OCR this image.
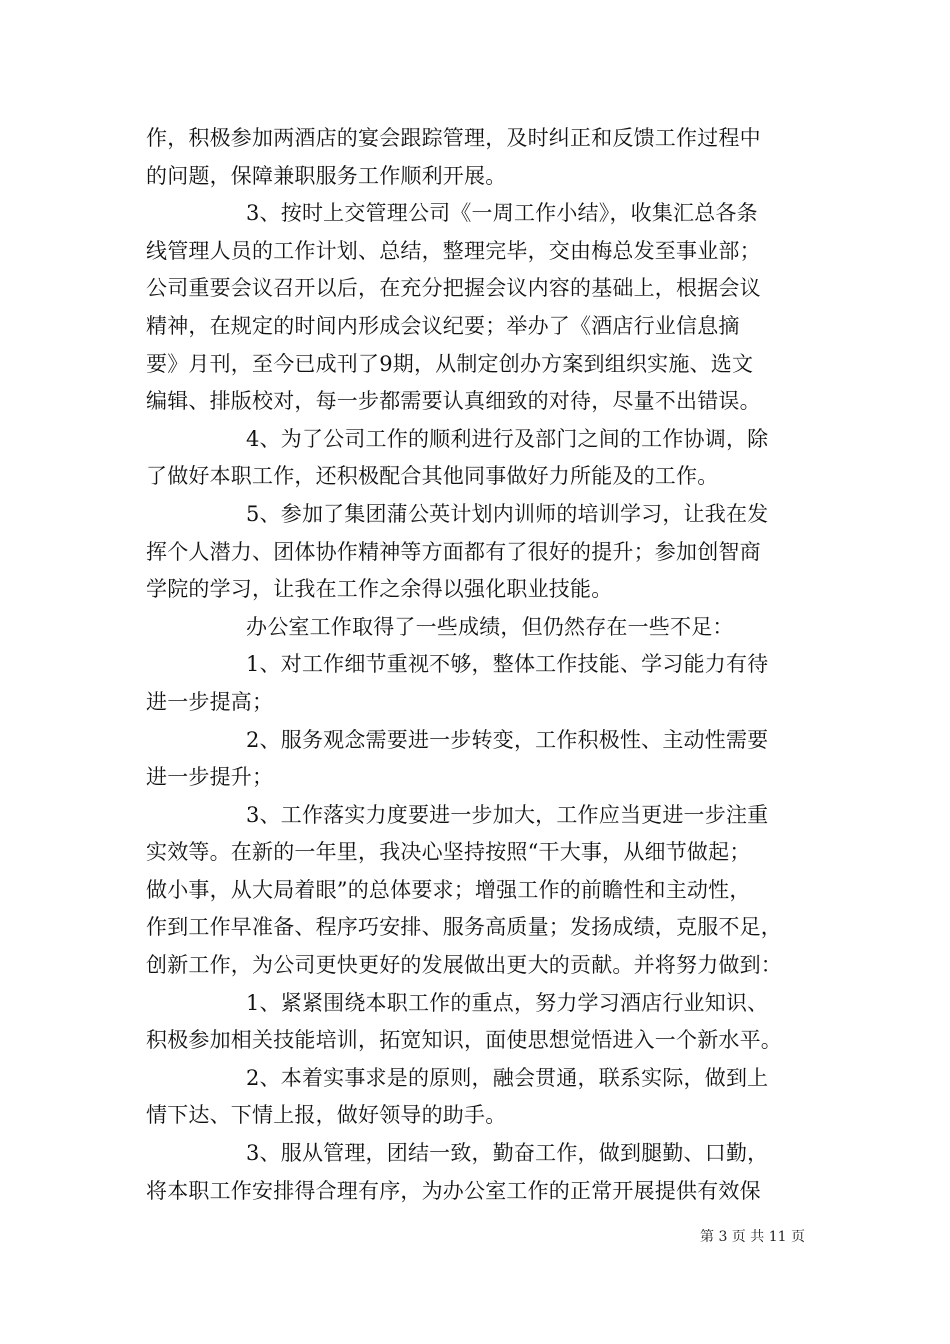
作，积极参加两酒店的宴会跟踪管理，及时纠正和反馈工作过程中
的问题，保障兼职服务工作顺利开展。
3、按时上交管理公司《一周工作小结》，收集汇总各条
线管理人员的工作计划、总结，整理完毕，交由梅总发至事业部；
公司重要会议召开以后，在充分把握会议内容的基础上，根据会议
精神，在规定的时间内形成会议纪要；举办了《酒店行业信息摘
要》月刊，至今已成刊了9期，从制定创办方案到组织实施、选文
编辑、排版校对，每一步都需要认真细致的对待，尽量不出错误。
4、为了公司工作的顺利进行及部门之间的工作协调，除
了做好本职工作，还积极配合其他同事做好力所能及的工作。
5、参加了集团蒲公英计划内训师的培训学习，让我在发
挥个人潜力、团体协作精神等方面都有了很好的提升；参加创智商
学院的学习，让我在工作之余得以强化职业技能。
办公室工作取得了一些成绩，但仍然存在一些不足：
1、对工作细节重视不够，整体工作技能、学习能力有待
进一步提高；
2、服务观念需要进一步转变，工作积极性、主动性需要
进一步提升；
3、工作落实力度要进一步加大，工作应当更进一步注重
实效等。在新的一年里，我决心坚持按照“干大事，从细节做起；
做小事，从大局着眼”的总体要求；增强工作的前瞻性和主动性，
作到工作早准备、程序巧安排、服务高质量；发扬成绩，克服不足，
创新工作，为公司更快更好的发展做出更大的贡献。并将努力做到：
1、紧紧围绕本职工作的重点，努力学习酒店行业知识、
积极参加相关技能培训，拓宽知识，面使思想觉悟进入一个新水平。
2、本着实事求是的原则，融会贯通，联系实际，做到上
情下达、下情上报，做好领导的助手。
3、服从管理，团结一致，勤奋工作，做到腿勤、口勤，
将本职工作安排得合理有序，为办公室工作的正常开展提供有效保
第 3 页 共 11 页
